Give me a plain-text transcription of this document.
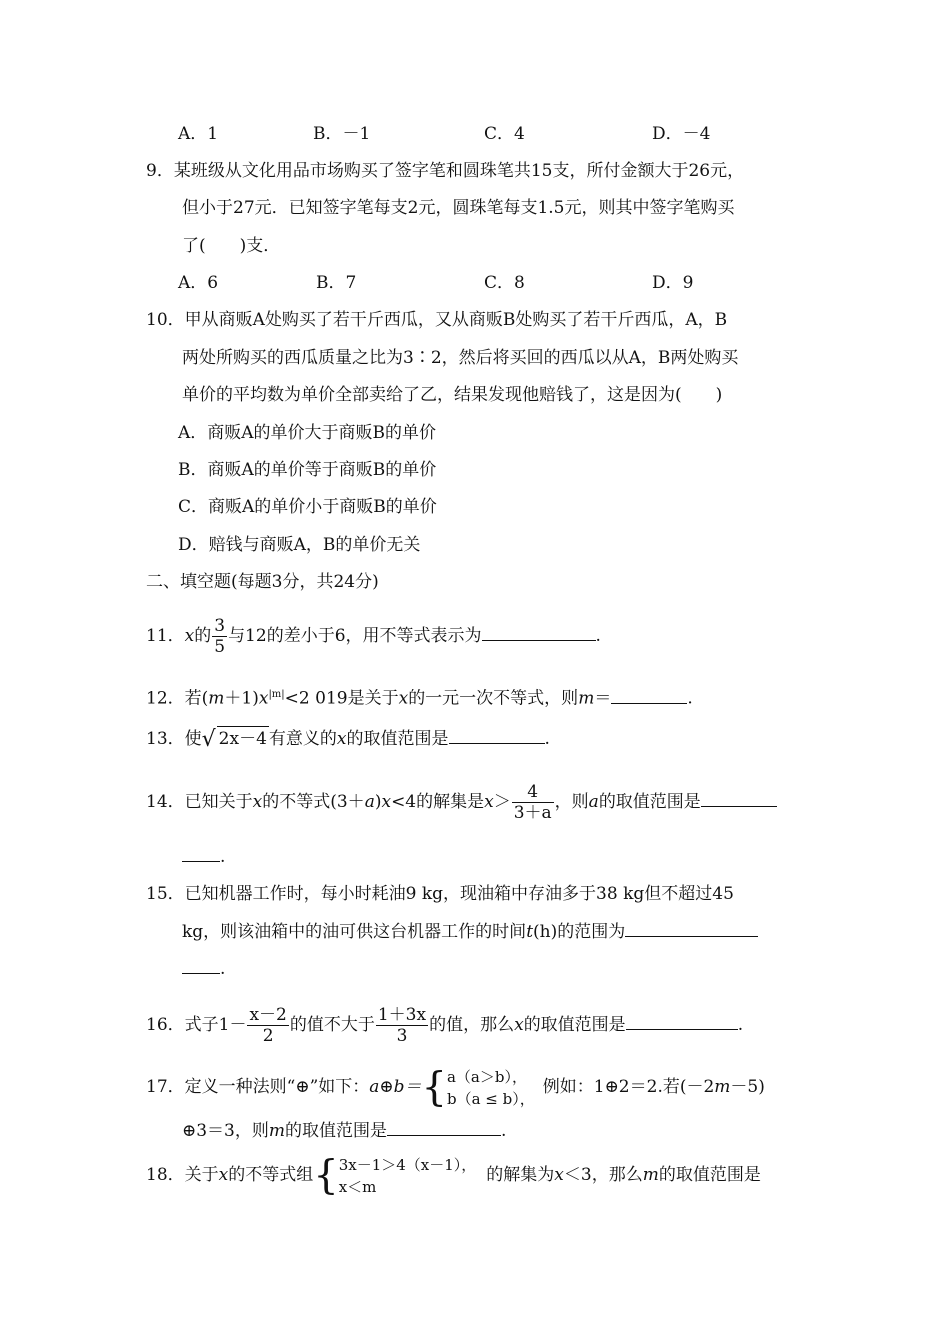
A．1	B．－1	C．4	D．－4
9．某班级从文化用品市场购买了签字笔和圆珠笔共15支，所付金额大于26元，
但小于27元．已知签字笔每支2元，圆珠笔每支1.5元，则其中签字笔购买
了(　　)支．
A．6	B．7	C．8	D．9
10．甲从商贩A处购买了若干斤西瓜，又从商贩B处购买了若干斤西瓜，A，B
两处所购买的西瓜质量之比为3∶2，然后将买回的西瓜以从A，B两处购买
单价的平均数为单价全部卖给了乙，结果发现他赔钱了，这是因为(　　)
A．商贩A的单价大于商贩B的单价
B．商贩A的单价等于商贩B的单价
C．商贩A的单价小于商贩B的单价
D．赔钱与商贩A，B的单价无关
二、填空题(每题3分，共24分)
11．x的 $\frac{3}{5}$ 与12的差小于6，用不等式表示为	.
12．若$(m+1)x^{|m|}<2$ 019是关于x的一元一次不等式，则m＝	.
13．使√ 2x－4 有意义的x的取值范围是	.
14．已知关于x的不等式(3＋a)x<4的解集是$x> \frac{4}{3+a}$ ，则a的取值范围是
.
15．已知机器工作时，每小时耗油9 kg，现油箱中存油多于38 kg但不超过45
kg，则该油箱中的油可供这台机器工作的时间t(h)的范围为
.
16．式子$1- \frac{x-2}{2}$ 的值不大于 $\frac{1+3x}{3}$ 的值，那么x的取值范围是	.
17．定义一种法则“⊕”如下：a⊕b＝{ a（a＞b），
b（a ≤ b），
例如：1⊕2＝2.若(－2m－5)
⊕3＝3，则m的取值范围是	.
18．关于x的不等式组{ 3x－1＞4（x－1），
x＜m
的解集为x＜3，那么m的取值范围是
